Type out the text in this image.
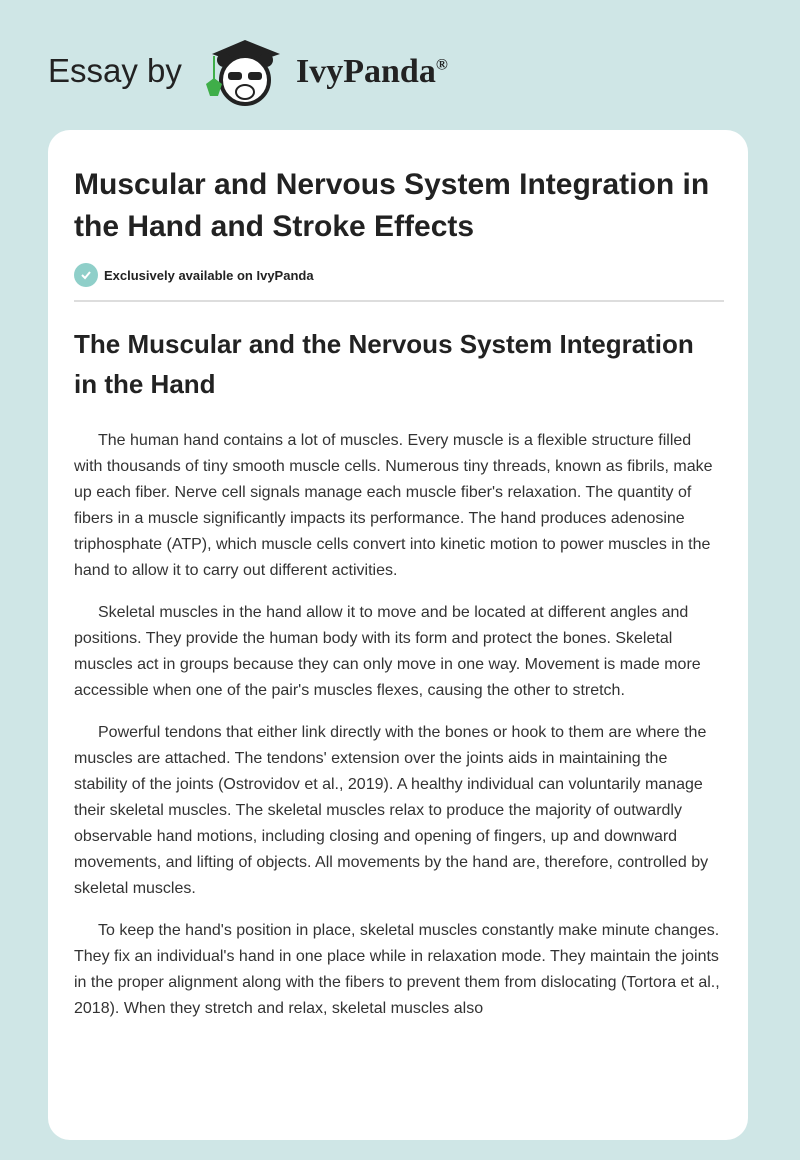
Essay by	IvyPanda®
Muscular and Nervous System Integration in the Hand and Stroke Effects
Exclusively available on IvyPanda
The Muscular and the Nervous System Integration in the Hand

The human hand contains a lot of muscles. Every muscle is a flexible structure filled with thousands of tiny smooth muscle cells. Numerous tiny threads, known as fibrils, make up each fiber. Nerve cell signals manage each muscle fiber's relaxation. The quantity of fibers in a muscle significantly impacts its performance. The hand produces adenosine triphosphate (ATP), which muscle cells convert into kinetic motion to power muscles in the hand to allow it to carry out different activities.

Skeletal muscles in the hand allow it to move and be located at different angles and positions. They provide the human body with its form and protect the bones. Skeletal muscles act in groups because they can only move in one way. Movement is made more accessible when one of the pair's muscles flexes, causing the other to stretch.

Powerful tendons that either link directly with the bones or hook to them are where the muscles are attached. The tendons' extension over the joints aids in maintaining the stability of the joints (Ostrovidov et al., 2019). A healthy individual can voluntarily manage their skeletal muscles. The skeletal muscles relax to produce the majority of outwardly observable hand motions, including closing and opening of fingers, up and downward movements, and lifting of objects. All movements by the hand are, therefore, controlled by skeletal muscles.

To keep the hand's position in place, skeletal muscles constantly make minute changes. They fix an individual's hand in one place while in relaxation mode. They maintain the joints in the proper alignment along with the fibers to prevent them from dislocating (Tortora et al., 2018). When they stretch and relax, skeletal muscles also
